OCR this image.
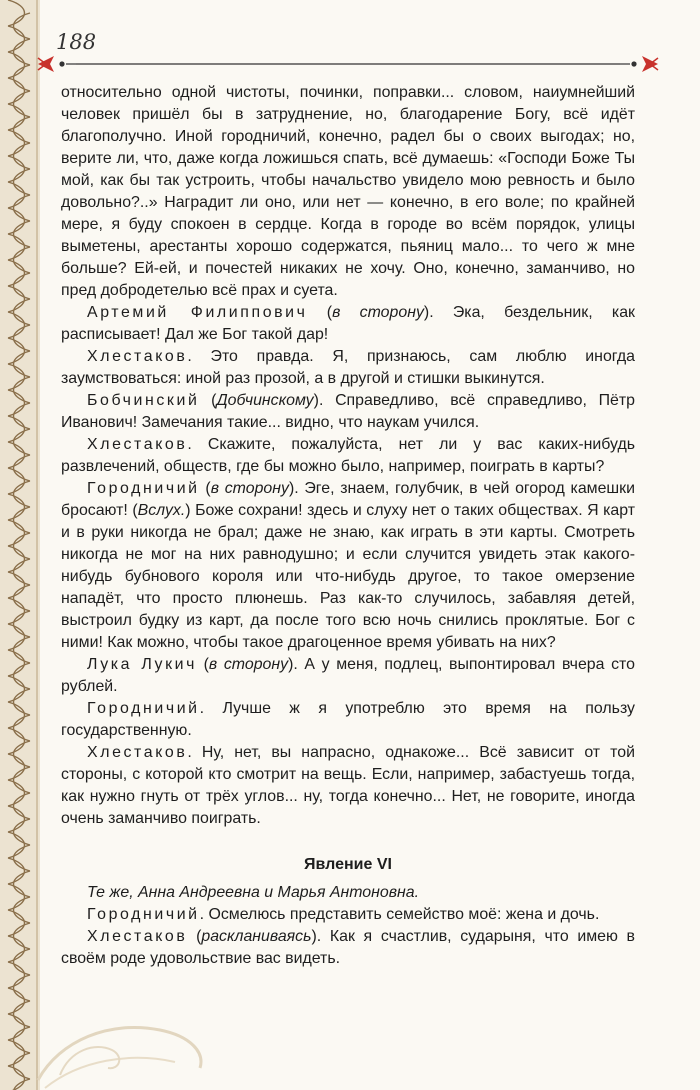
188

относительно одной чистоты, починки, поправки... словом, наиумнейший человек пришёл бы в затруднение, но, благодарение Богу, всё идёт благополучно. Иной городничий, конечно, радел бы о своих выгодах; но, верите ли, что, даже когда ложишься спать, всё думаешь: «Господи Боже Ты мой, как бы так устроить, чтобы начальство увидело мою ревность и было довольно?..» Наградит ли оно, или нет — конечно, в его воле; по крайней мере, я буду спокоен в сердце. Когда в городе во всём порядок, улицы выметены, арестанты хорошо содержатся, пьяниц мало... то чего ж мне больше? Ей-ей, и почестей никаких не хочу. Оно, конечно, заманчиво, но пред добродетелью всё прах и суета.

Артемий Филиппович (в сторону). Эка, бездельник, как расписывает! Дал же Бог такой дар!

Хлестаков. Это правда. Я, признаюсь, сам люблю иногда заумствоваться: иной раз прозой, а в другой и стишки выкинутся.

Бобчинский (Добчинскому). Справедливо, всё справедливо, Пётр Иванович! Замечания такие... видно, что наукам учился.

Хлестаков. Скажите, пожалуйста, нет ли у вас каких-нибудь развлечений, обществ, где бы можно было, например, поиграть в карты?

Городничий (в сторону). Эге, знаем, голубчик, в чей огород камешки бросают! (Вслух.) Боже сохрани! здесь и слуху нет о таких обществах. Я карт и в руки никогда не брал; даже не знаю, как играть в эти карты. Смотреть никогда не мог на них равнодушно; и если случится увидеть этак какого-нибудь бубнового короля или что-нибудь другое, то такое омерзение нападёт, что просто плюнешь. Раз как-то случилось, забавляя детей, выстроил будку из карт, да после того всю ночь снились проклятые. Бог с ними! Как можно, чтобы такое драгоценное время убивать на них?

Лука Лукич (в сторону). А у меня, подлец, выпонтировал вчера сто рублей.

Городничий. Лучше ж я употреблю это время на пользу государственную.

Хлестаков. Ну, нет, вы напрасно, однакоже... Всё зависит от той стороны, с которой кто смотрит на вещь. Если, например, забастуешь тогда, как нужно гнуть от трёх углов... ну, тогда конечно... Нет, не говорите, иногда очень заманчиво поиграть.

Явление VI

Те же, Анна Андреевна и Марья Антоновна.

Городничий. Осмелюсь представить семейство моё: жена и дочь.

Хлестаков (раскланиваясь). Как я счастлив, сударыня, что имею в своём роде удовольствие вас видеть.
